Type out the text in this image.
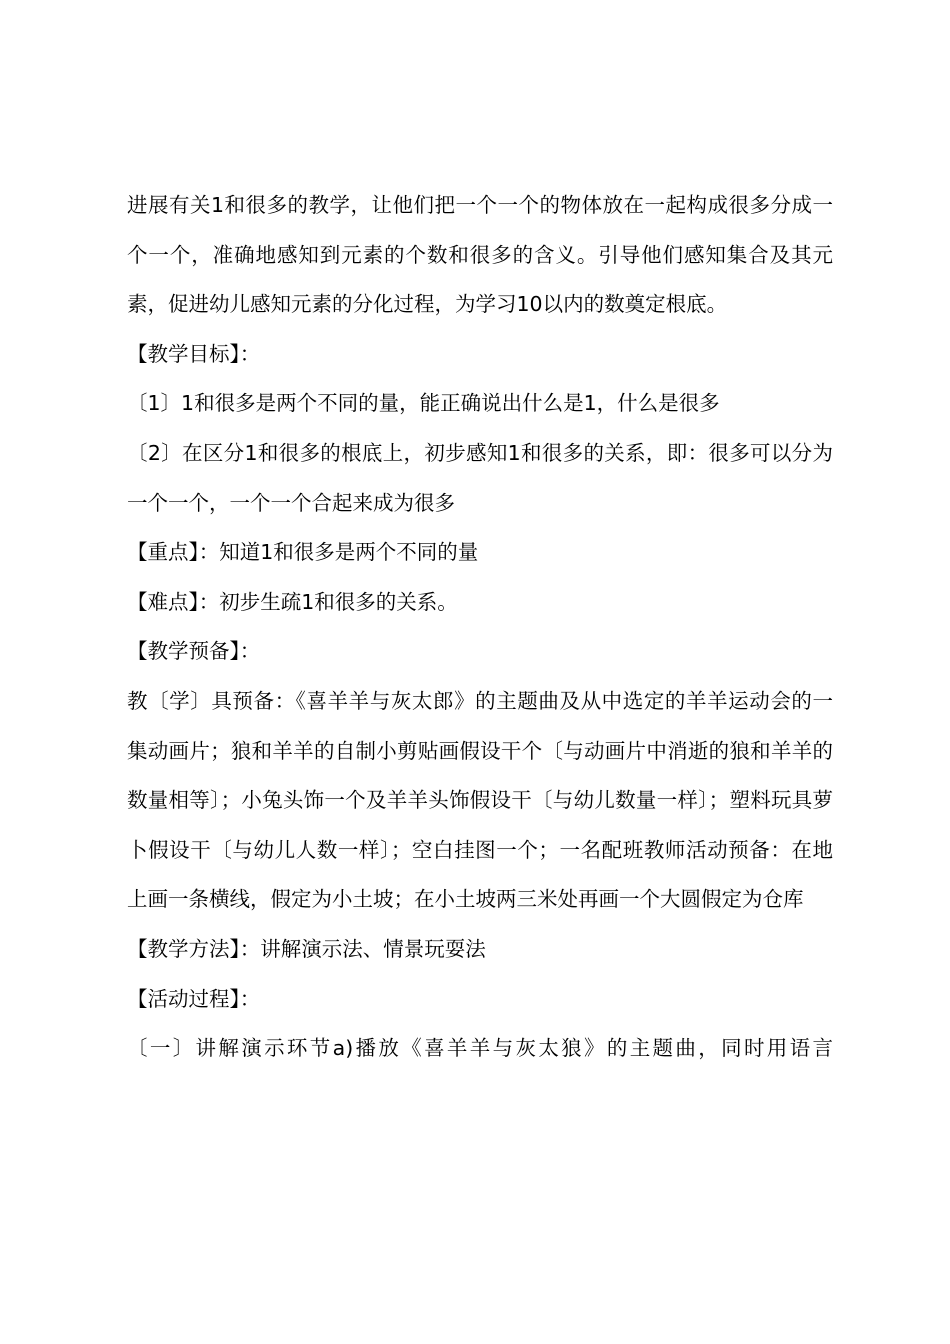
进展有关1和很多的教学，让他们把一个一个的物体放在一起构成很多分成一个一个，准确地感知到元素的个数和很多的含义。引导他们感知集合及其元素，促进幼儿感知元素的分化过程，为学习10以内的数奠定根底。

【教学目标】：

〔1〕1和很多是两个不同的量，能正确说出什么是1，什么是很多

〔2〕在区分1和很多的根底上，初步感知1和很多的关系，即：很多可以分为一个一个，一个一个合起来成为很多

【重点】：知道1和很多是两个不同的量

【难点】：初步生疏1和很多的关系。

【教学预备】：

教〔学〕具预备：《喜羊羊与灰太郎》的主题曲及从中选定的羊羊运动会的一集动画片；狼和羊羊的自制小剪贴画假设干个〔与动画片中消逝的狼和羊羊的数量相等〕；小兔头饰一个及羊羊头饰假设干〔与幼儿数量一样〕；塑料玩具萝卜假设干〔与幼儿人数一样〕；空白挂图一个；一名配班教师活动预备：在地上画一条横线，假定为小土坡；在小土坡两三米处再画一个大圆假定为仓库

【教学方法】：讲解演示法、情景玩耍法

【活动过程】：

〔一〕讲解演示环节a)播放《喜羊羊与灰太狼》的主题曲，同时用语言
